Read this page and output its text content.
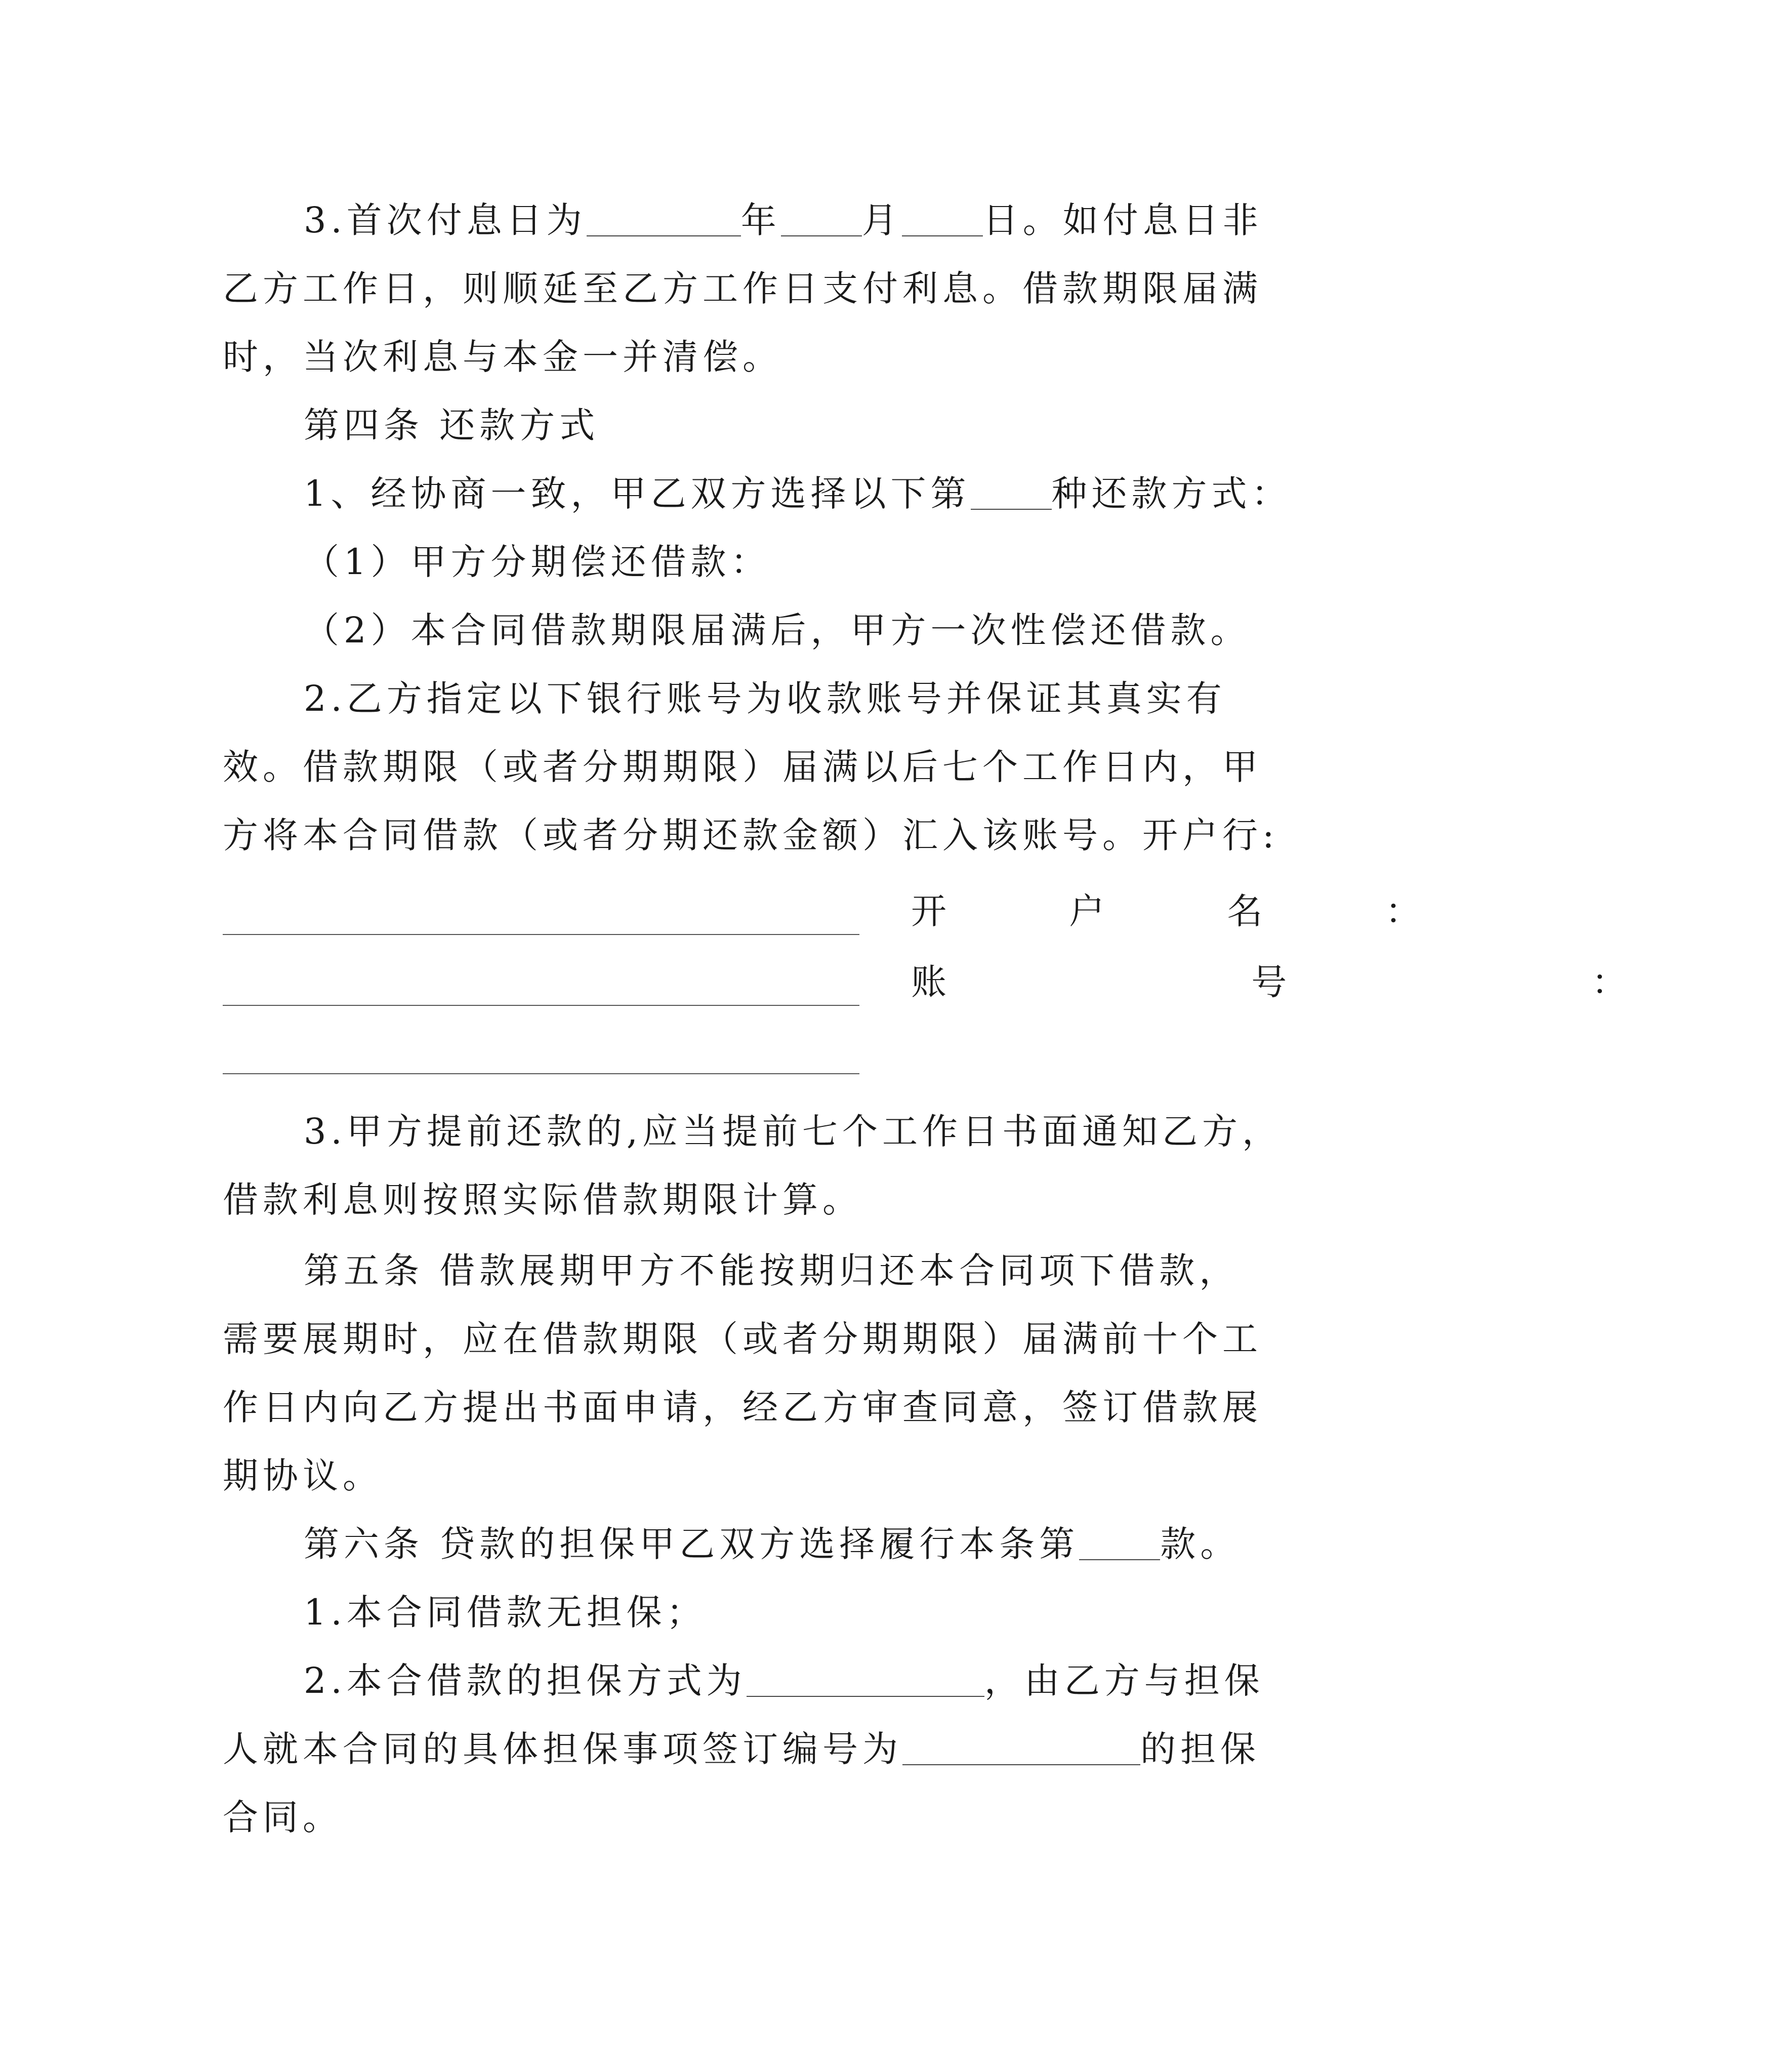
3.首次付息日为	年 月 日。如付息日非
乙方工作日，则顺延至乙方工作日支付利息。借款期限届满
时，当次利息与本金一并清偿。
第四条 还款方式
1、经协商一致，甲乙双方选择以下第 种还款方式：
（1）甲方分期偿还借款：
（2）本合同借款期限届满后，甲方一次性偿还借款。
2.乙方指定以下银行账号为收款账号并保证其真实有
效。借款期限（或者分期期限）届满以后七个工作日内，甲
方将本合同借款（或者分期还款金额）汇入该账号。开户行:
开 户 名 ：
账 号 ：
3.甲方提前还款的,应当提前七个工作日书面通知乙方，
借款利息则按照实际借款期限计算。
第五条 借款展期甲方不能按期归还本合同项下借款，
需要展期时，应在借款期限（或者分期期限）届满前十个工
作日内向乙方提出书面申请，经乙方审查同意，签订借款展
期协议。
第六条 贷款的担保甲乙双方选择履行本条第 款。
1.本合同借款无担保；
2.本合借款的担保方式为	，由乙方与担保
人就本合同的具体担保事项签订编号为	的担保
合同。
